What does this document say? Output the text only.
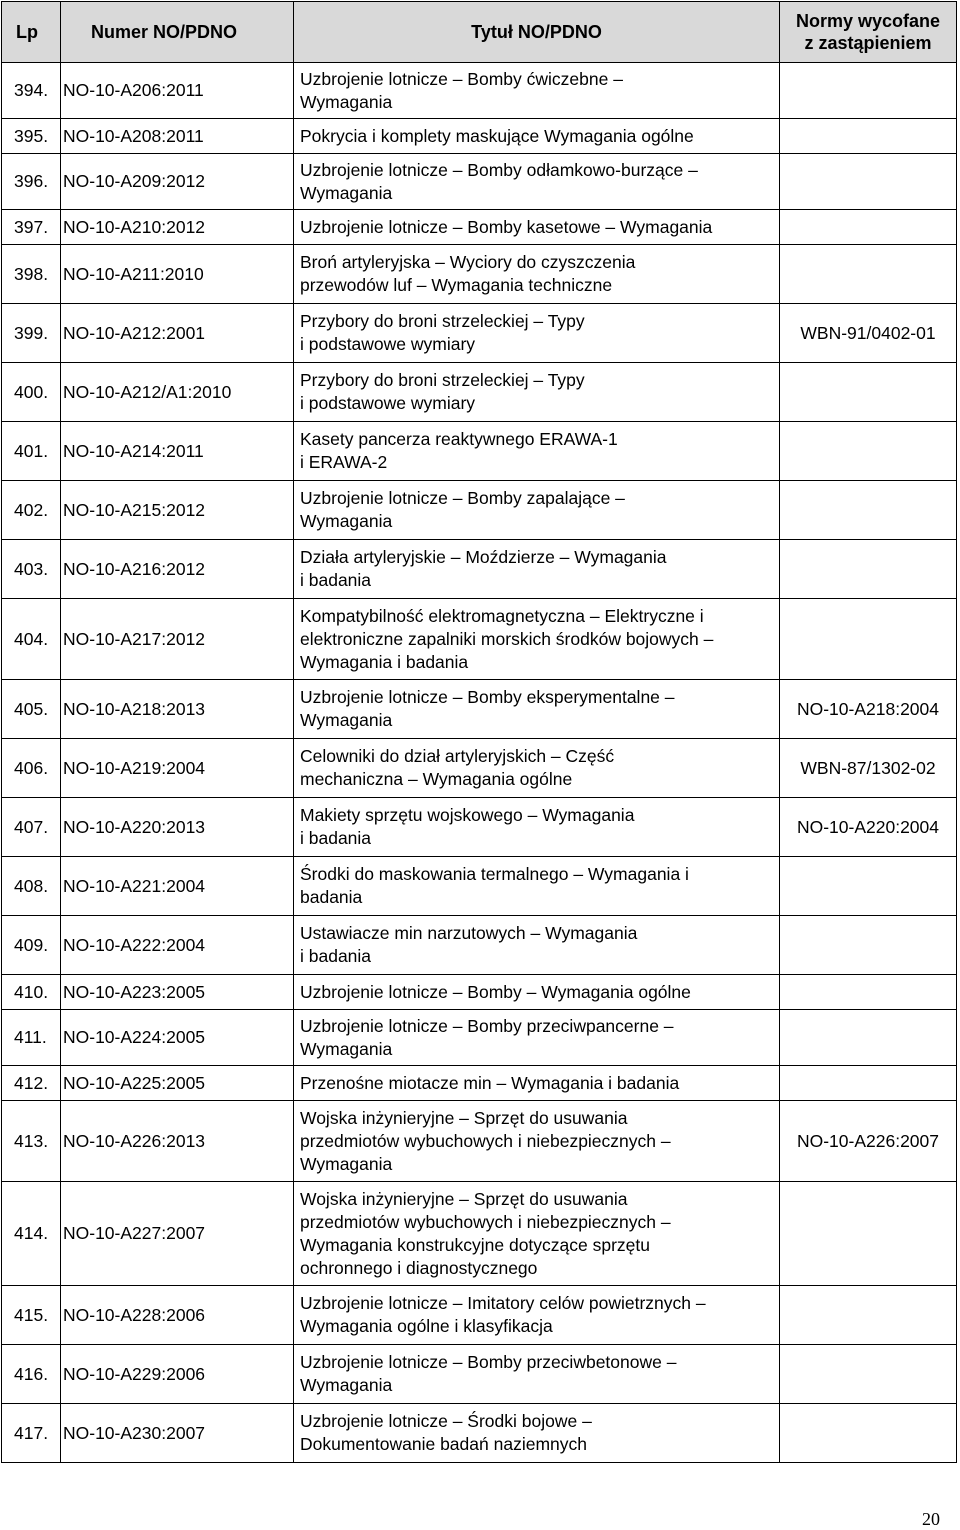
Lp	Numer NO/PDNO	Tytuł NO/PDNO	Normy wycofane
z zastąpieniem
394.	NO-10-A206:2011	Uzbrojenie lotnicze – Bomby ćwiczebne –
Wymagania	
395.	NO-10-A208:2011	Pokrycia i komplety maskujące Wymagania ogólne	
396.	NO-10-A209:2012	Uzbrojenie lotnicze – Bomby odłamkowo-burzące –
Wymagania	
397.	NO-10-A210:2012	Uzbrojenie lotnicze – Bomby kasetowe – Wymagania	
398.	NO-10-A211:2010	Broń artyleryjska – Wyciory do czyszczenia
przewodów luf – Wymagania techniczne	
399.	NO-10-A212:2001	Przybory do broni strzeleckiej – Typy
i podstawowe wymiary	WBN-91/0402-01
400.	NO-10-A212/A1:2010	Przybory do broni strzeleckiej – Typy
i podstawowe wymiary	
401.	NO-10-A214:2011	Kasety pancerza reaktywnego ERAWA-1
i ERAWA-2	
402.	NO-10-A215:2012	Uzbrojenie lotnicze – Bomby zapalające –
Wymagania	
403.	NO-10-A216:2012	Działa artyleryjskie – Moździerze – Wymagania
i badania	
404.	NO-10-A217:2012	Kompatybilność elektromagnetyczna – Elektryczne i
elektroniczne zapalniki morskich środków bojowych –
Wymagania i badania	
405.	NO-10-A218:2013	Uzbrojenie lotnicze – Bomby eksperymentalne –
Wymagania	NO-10-A218:2004
406.	NO-10-A219:2004	Celowniki do dział artyleryjskich – Część
mechaniczna – Wymagania ogólne	WBN-87/1302-02
407.	NO-10-A220:2013	Makiety sprzętu wojskowego – Wymagania
i badania	NO-10-A220:2004
408.	NO-10-A221:2004	Środki do maskowania termalnego – Wymagania i
badania	
409.	NO-10-A222:2004	Ustawiacze min narzutowych – Wymagania
i badania	
410.	NO-10-A223:2005	Uzbrojenie lotnicze – Bomby – Wymagania ogólne	
411.	NO-10-A224:2005	Uzbrojenie lotnicze – Bomby przeciwpancerne –
Wymagania	
412.	NO-10-A225:2005	Przenośne miotacze min – Wymagania i badania	
413.	NO-10-A226:2013	Wojska inżynieryjne – Sprzęt do usuwania
przedmiotów wybuchowych i niebezpiecznych –
Wymagania	NO-10-A226:2007
414.	NO-10-A227:2007	Wojska inżynieryjne – Sprzęt do usuwania
przedmiotów wybuchowych i niebezpiecznych –
Wymagania konstrukcyjne dotyczące sprzętu
ochronnego i diagnostycznego	
415.	NO-10-A228:2006	Uzbrojenie lotnicze – Imitatory celów powietrznych –
Wymagania ogólne i klasyfikacja	
416.	NO-10-A229:2006	Uzbrojenie lotnicze – Bomby przeciwbetonowe –
Wymagania	
417.	NO-10-A230:2007	Uzbrojenie lotnicze – Środki bojowe –
Dokumentowanie badań naziemnych	
20
